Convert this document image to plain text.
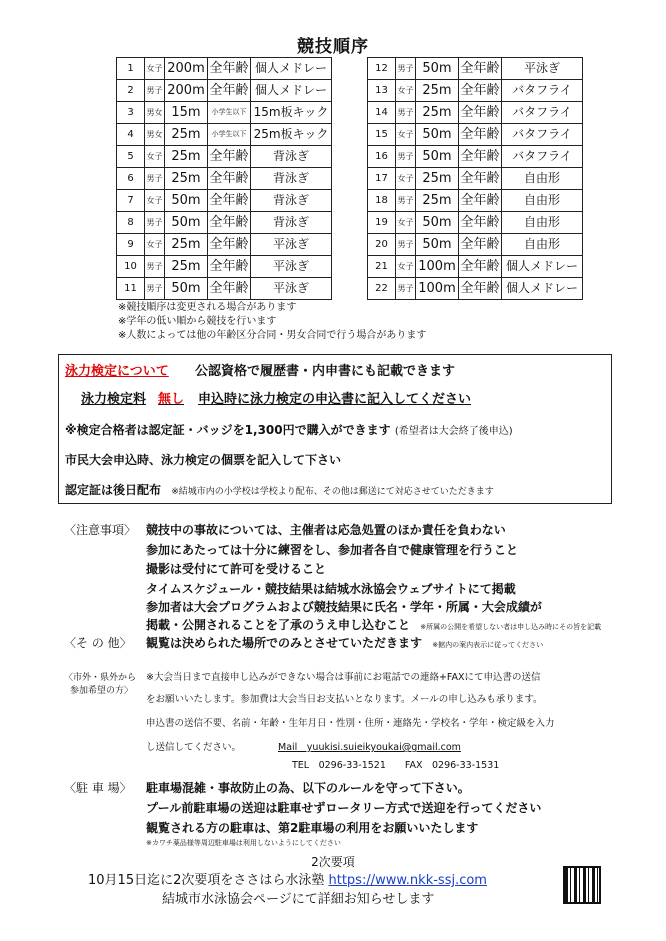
競技順序
1	女子	200m	全年齢	個人メドレー
2	男子	200m	全年齢	個人メドレー
3	男女	15m	小学生以下	15m板キック
4	男女	25m	小学生以下	25m板キック
5	女子	25m	全年齢	背泳ぎ
6	男子	25m	全年齢	背泳ぎ
7	女子	50m	全年齢	背泳ぎ
8	男子	50m	全年齢	背泳ぎ
9	女子	25m	全年齢	平泳ぎ
10	男子	25m	全年齢	平泳ぎ
11	男子	50m	全年齢	平泳ぎ
12	男子	50m	全年齢	平泳ぎ
13	女子	25m	全年齢	バタフライ
14	男子	25m	全年齢	バタフライ
15	女子	50m	全年齢	バタフライ
16	男子	50m	全年齢	バタフライ
17	女子	25m	全年齢	自由形
18	男子	25m	全年齢	自由形
19	女子	50m	全年齢	自由形
20	男子	50m	全年齢	自由形
21	女子	100m	全年齢	個人メドレー
22	男子	100m	全年齢	個人メドレー
※競技順序は変更される場合があります
※学年の低い順から競技を行います
※人数によっては他の年齢区分合同・男女合同で行う場合があります
泳力検定について 公認資格で履歴書・内申書にも記載できます
泳力検定料 無し 申込時に泳力検定の申込書に記入してください
※検定合格者は認定証・バッジを1,300円で購入ができます (希望者は大会終了後申込)
市民大会申込時、泳力検定の個票を記入して下さい
認定証は後日配布 ※結城市内の小学校は学校より配布、その他は郵送にて対応させていただきます
〈注意事項〉 競技中の事故については、主催者は応急処置のほか責任を負わない
参加にあたっては十分に練習をし、参加者各自で健康管理を行うこと
撮影は受付にて許可を受けること
タイムスケジュール・競技結果は結城水泳協会ウェブサイトにて掲載
参加者は大会プログラムおよび競技結果に氏名・学年・所属・大会成績が
掲載・公開されることを了承のうえ申し込むこと ※所属の公開を希望しない者は申し込み時にその旨を記載
〈そ の 他〉 観覧は決められた場所でのみとさせていただきます ※館内の案内表示に従ってください
〈市外・県外から
参加希望の方〉
※大会当日まで直接申し込みができない場合は事前にお電話での連絡+FAXにて申込書の送信
をお願いいたします。参加費は大会当日お支払いとなります。メールの申し込みも承ります。
申込書の送信不要、名前・年齢・生年月日・性別・住所・連絡先・学校名・学年・検定級を入力
し送信してください。	Mail　yuukisi.suieikyoukai@gmail.com
TEL　0296-33-1521　　FAX　0296-33-1531
〈駐 車 場〉 駐車場混雑・事故防止の為、以下のルールを守って下さい。
プール前駐車場の送迎は駐車せずロータリー方式で送迎を行ってください
観覧される方の駐車は、第2駐車場の利用をお願いいたします
※カワチ薬品様等周辺駐車場は利用しないようにしてください
2次要項
10月15日迄に2次要項をささはら水泳塾 https://www.nkk-ssj.com
結城市水泳協会ページにて詳細お知らせします
